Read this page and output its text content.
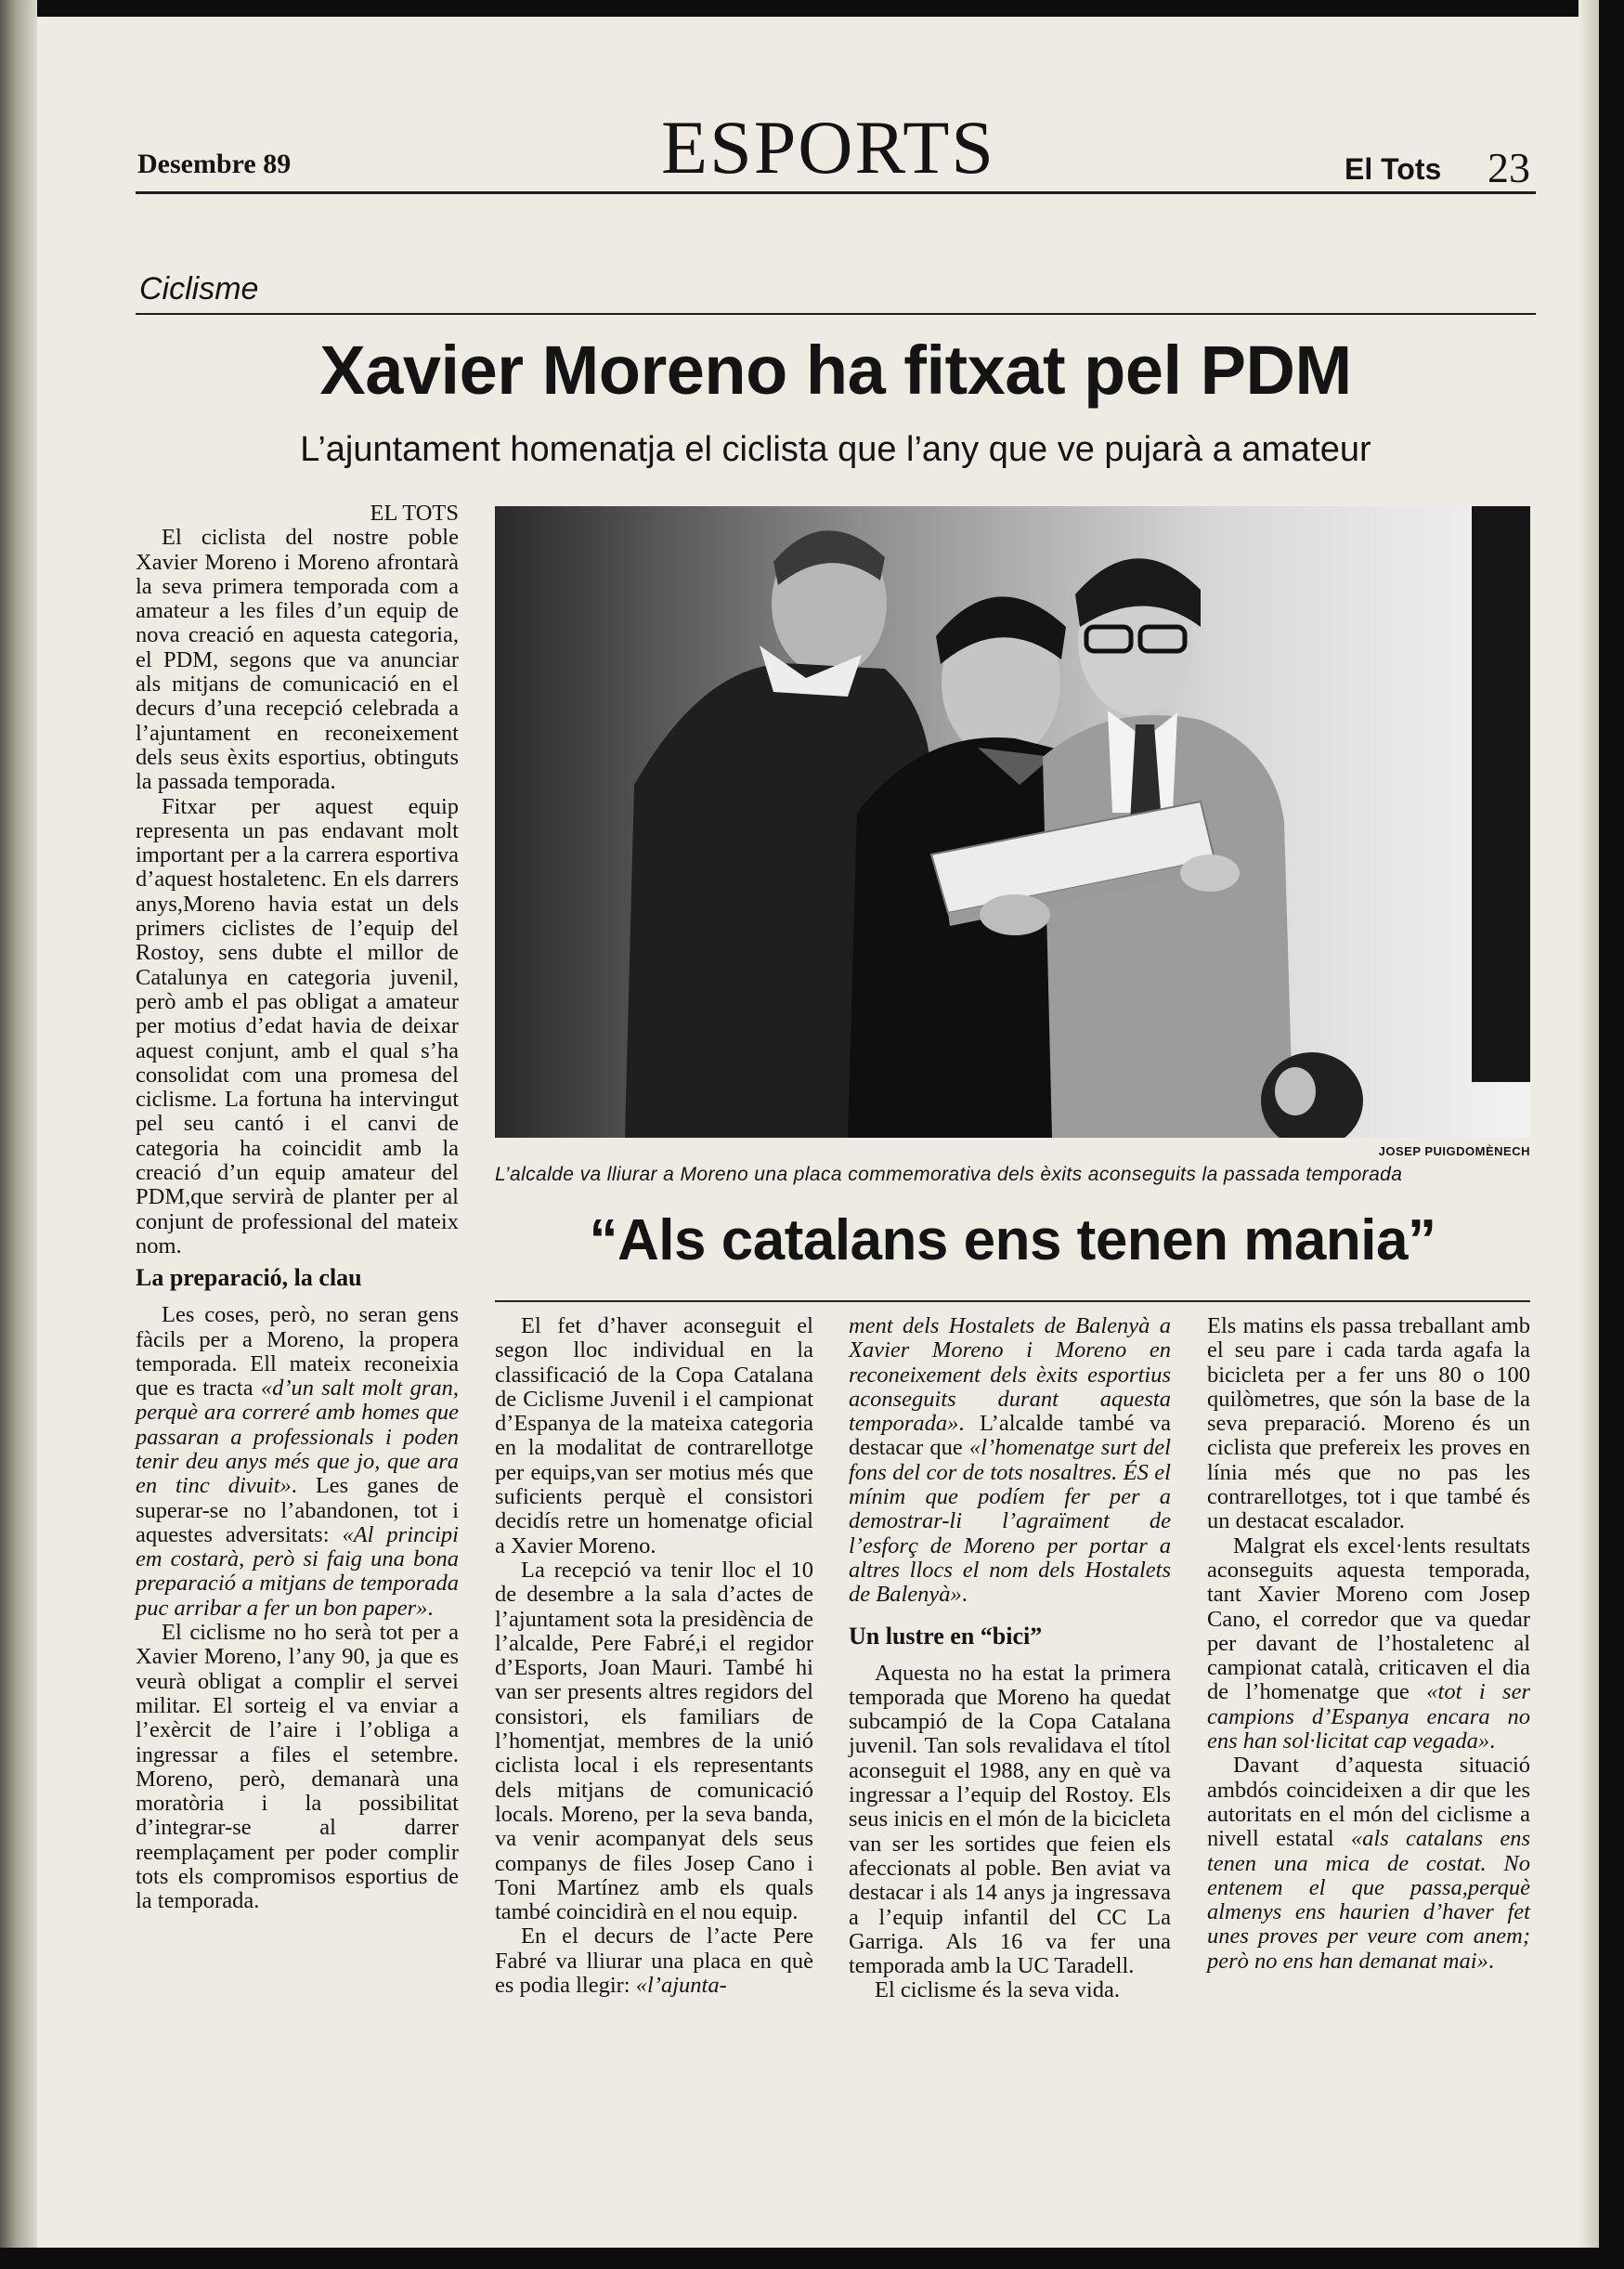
Desembre 89	ESPORTS	El Tots 23
Ciclisme
Xavier Moreno ha fitxat pel PDM
L’ajuntament homenatja el ciclista que l’any que ve pujarà a amateur
JOSEP PUIGDOMÈNECH
L’alcalde va lliurar a Moreno una placa commemorativa dels èxits aconseguits la passada temporada
“Als catalans ens tenen mania”

EL TOTS

El ciclista del nostre poble Xavier Moreno i Moreno afrontarà la seva primera temporada com a amateur a les files d’un equip de nova creació en aquesta categoria, el PDM, segons que va anunciar als mitjans de comunicació en el decurs d’una recepció celebrada a l’ajuntament en reconeixement dels seus èxits esportius, obtinguts la passada temporada.

Fitxar per aquest equip representa un pas endavant molt important per a la carrera esportiva d’aquest hostaletenc. En els darrers anys,Moreno havia estat un dels primers ciclistes de l’equip del Rostoy, sens dubte el millor de Catalunya en categoria juvenil, però amb el pas obligat a amateur per motius d’edat havia de deixar aquest conjunt, amb el qual s’ha consolidat com una promesa del ciclisme. La fortuna ha intervingut pel seu cantó i el canvi de categoria ha coincidit amb la creació d’un equip amateur del PDM,que servirà de planter per al conjunt de professional del mateix nom.

La preparació, la clau

Les coses, però, no seran gens fàcils per a Moreno, la propera temporada. Ell mateix reconeixia que es tracta «d’un salt molt gran, perquè ara correré amb homes que passaran a professionals i poden tenir deu anys més que jo, que ara en tinc divuit». Les ganes de superar-se no l’abandonen, tot i aquestes adversitats: «Al principi em costarà, però si faig una bona preparació a mitjans de temporada puc arribar a fer un bon paper».

El ciclisme no ho serà tot per a Xavier Moreno, l’any 90, ja que es veurà obligat a complir el servei militar. El sorteig el va enviar a l’exèrcit de l’aire i l’obliga a ingressar a files el setembre. Moreno, però, demanarà una moratòria i la possibilitat d’integrar-se al darrer reemplaçament per poder complir tots els compromisos esportius de la temporada.

El fet d’haver aconseguit el segon lloc individual en la classificació de la Copa Catalana de Ciclisme Juvenil i el campionat d’Espanya de la mateixa categoria en la modalitat de contrarellotge per equips,van ser motius més que suficients perquè el consistori decidís retre un homenatge oficial a Xavier Moreno.

La recepció va tenir lloc el 10 de desembre a la sala d’actes de l’ajuntament sota la presidència de l’alcalde, Pere Fabré,i el regidor d’Esports, Joan Mauri. També hi van ser presents altres regidors del consistori, els familiars de l’homentjat, membres de la unió ciclista local i els representants dels mitjans de comunicació locals. Moreno, per la seva banda, va venir acompanyat dels seus companys de files Josep Cano i Toni Martínez amb els quals també coincidirà en el nou equip.

En el decurs de l’acte Pere Fabré va lliurar una placa en què es podia llegir: «l’ajunta-

ment dels Hostalets de Balenyà a Xavier Moreno i Moreno en reconeixement dels èxits esportius aconseguits durant aquesta temporada». L’alcalde també va destacar que «l’homenatge surt del fons del cor de tots nosaltres. ÉS el mínim que podíem fer per a demostrar-li l’agraïment de l’esforç de Moreno per portar a altres llocs el nom dels Hostalets de Balenyà».

Un lustre en “bici”

Aquesta no ha estat la primera temporada que Moreno ha quedat subcampió de la Copa Catalana juvenil. Tan sols revalidava el títol aconseguit el 1988, any en què va ingressar a l’equip del Rostoy. Els seus inicis en el món de la bicicleta van ser les sortides que feien els afeccionats al poble. Ben aviat va destacar i als 14 anys ja ingressava a l’equip infantil del CC La Garriga. Als 16 va fer una temporada amb la UC Taradell.

El ciclisme és la seva vida.

Els matins els passa treballant amb el seu pare i cada tarda agafa la bicicleta per a fer uns 80 o 100 quilòmetres, que són la base de la seva preparació. Moreno és un ciclista que prefereix les proves en línia més que no pas les contrarellotges, tot i que també és un destacat escalador.

Malgrat els excel·lents resultats aconseguits aquesta temporada, tant Xavier Moreno com Josep Cano, el corredor que va quedar per davant de l’hostaletenc al campionat català, criticaven el dia de l’homenatge que «tot i ser campions d’Espanya encara no ens han sol·licitat cap vegada».

Davant d’aquesta situació ambdós coincideixen a dir que les autoritats en el món del ciclisme a nivell estatal «als catalans ens tenen una mica de costat. No entenem el que passa,perquè almenys ens haurien d’haver fet unes proves per veure com anem; però no ens han demanat mai».
